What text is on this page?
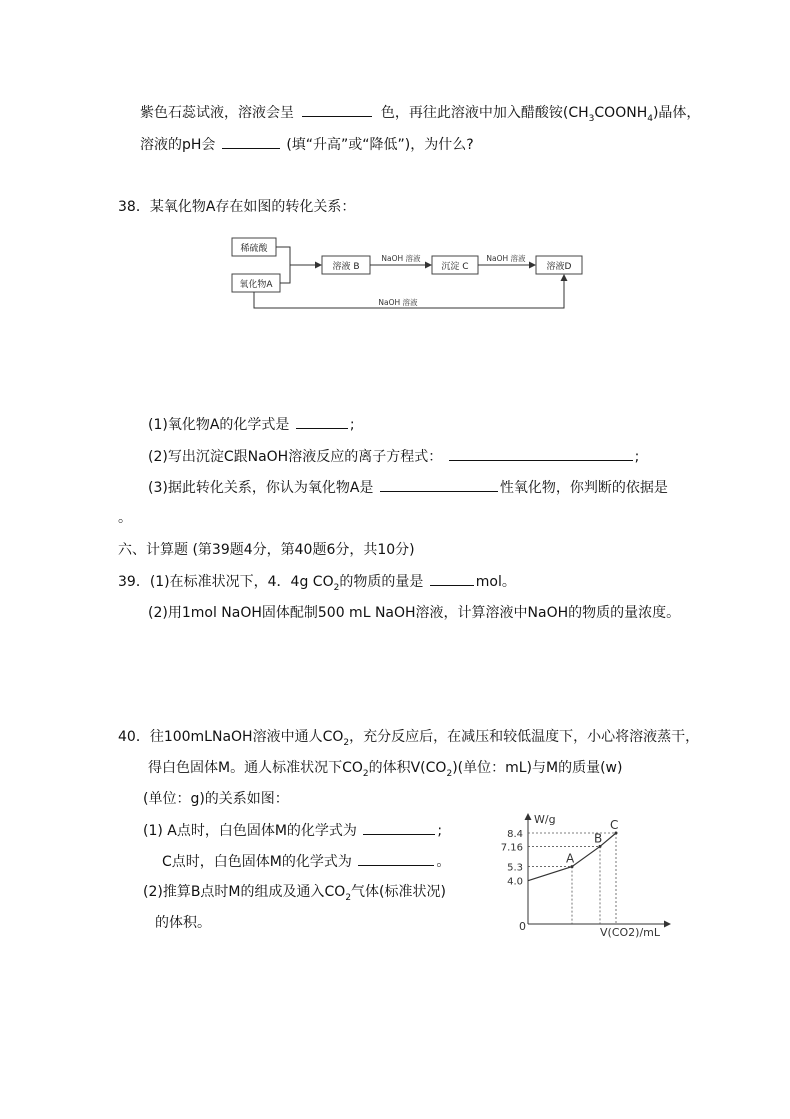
紫色石蕊试液，溶液会呈	色，再往此溶液中加入醋酸铵$(CH_3COONH_4)$晶体，
溶液的pH会	(填“升高”或“降低”)，为什么?
38．某氧化物A存在如图的转化关系：
稀硫酸
氧化物A
溶液 B	沉淀 C	溶液D
NaOH 溶液	NaOH 溶液
NaOH 溶液
(1)氧化物A的化学式是	;
(2)写出沉淀C跟NaOH溶液反应的离子方程式：	;
(3)据此转化关系，你认为氧化物A是	性氧化物，你判断的依据是
。
六、计算题 (第39题4分，第40题6分，共10分)
39．(1)在标准状况下，4．4g $CO_2$的物质的量是	mol。
(2)用1mol NaOH固体配制500 mL NaOH溶液，计算溶液中NaOH的物质的量浓度。
40．往100mLNaOH溶液中通人$CO_2$，充分反应后，在减压和较低温度下，小心将溶液蒸干，
得白色固体M。通人标准状况下$CO_2$的体积$V(CO_2)$(单位：mL)与M的质量(w)
(单位：g)的关系如图：
(1) A点时，白色固体M的化学式为	;
C点时，白色固体M的化学式为	。
(2)推算B点时M的组成及通入$CO_2$气体(标准状况)
的体积。
W/g
V(CO2)/mL
0
8.4
7.16
5.3
4.0
A
B
C
